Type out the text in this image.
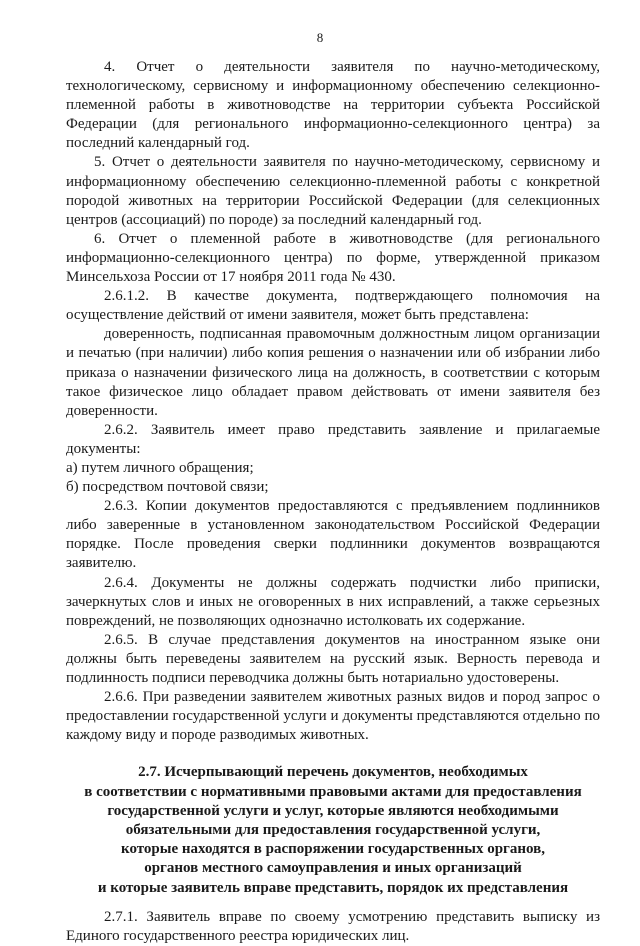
8

4. Отчет о деятельности заявителя по научно-методическому, технологическому, сервисному и информационному обеспечению селекционно-племенной работы в животноводстве на территории субъекта Российской Федерации (для регионального информационно-селекционного центра) за последний календарный год.

5. Отчет о деятельности заявителя по научно-методическому, сервисному и информационному обеспечению селекционно-племенной работы с конкретной породой животных на территории Российской Федерации (для селекционных центров (ассоциаций) по породе) за последний календарный год.

6. Отчет о племенной работе в животноводстве (для регионального информационно-селекционного центра) по форме, утвержденной приказом Минсельхоза России от 17 ноября 2011 года № 430.

2.6.1.2. В качестве документа, подтверждающего полномочия на осуществление действий от имени заявителя, может быть представлена:

доверенность, подписанная правомочным должностным лицом организации и печатью (при наличии) либо копия решения о назначении или об избрании либо приказа о назначении физического лица на должность, в соответствии с которым такое физическое лицо обладает правом действовать от имени заявителя без доверенности.

2.6.2. Заявитель имеет право представить заявление и прилагаемые документы:

а) путем личного обращения;

б) посредством почтовой связи;

2.6.3. Копии документов предоставляются с предъявлением подлинников либо заверенные в установленном законодательством Российской Федерации порядке. После проведения сверки подлинники документов возвращаются заявителю.

2.6.4. Документы не должны содержать подчистки либо приписки, зачеркнутых слов и иных не оговоренных в них исправлений, а также серьезных повреждений, не позволяющих однозначно истолковать их содержание.

2.6.5. В случае представления документов на иностранном языке они должны быть переведены заявителем на русский язык. Верность перевода и подлинность подписи переводчика должны быть нотариально удостоверены.

2.6.6. При разведении заявителем животных разных видов и пород запрос о предоставлении государственной услуги и документы представляются отдельно по каждому виду и породе разводимых животных.

2.7. Исчерпывающий перечень документов, необходимых
в соответствии с нормативными правовыми актами для предоставления
государственной услуги и услуг, которые являются необходимыми
обязательными для предоставления государственной услуги,
которые находятся в распоряжении государственных органов,
органов местного самоуправления и иных организаций
и которые заявитель вправе представить, порядок их представления

2.7.1. Заявитель вправе по своему усмотрению представить выписку из Единого государственного реестра юридических лиц.
